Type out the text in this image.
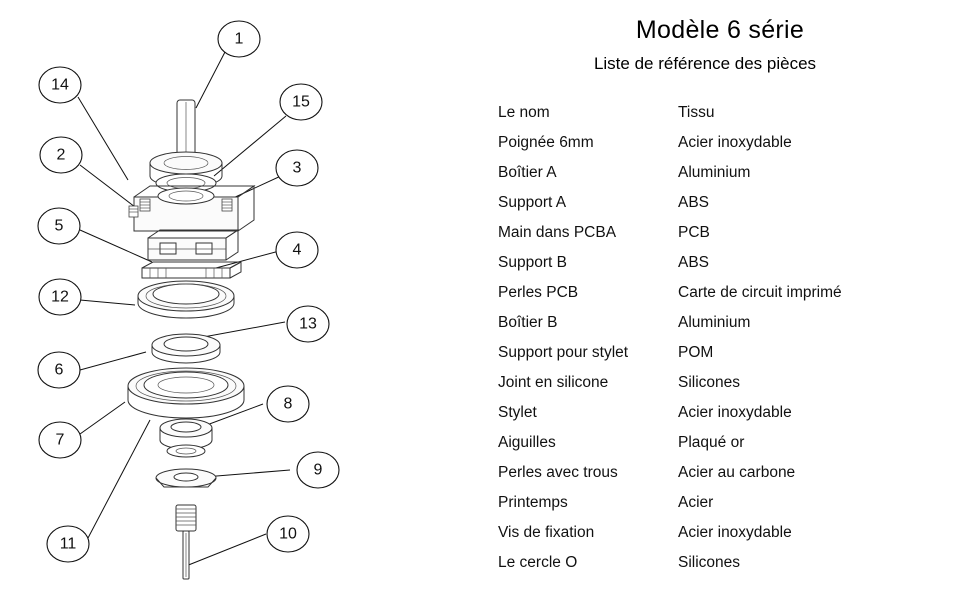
1
14
15
2
3
5
4
12
13
6
7
8
9
11
10
Modèle 6 série
Liste de référence des pièces
Le nom	Tissu
Poignée 6mm	Acier inoxydable
Boîtier A	Aluminium
Support A	ABS
Main dans PCBA	PCB
Support B	ABS
Perles PCB	Carte de circuit imprimé
Boîtier B	Aluminium
Support pour stylet	POM
Joint en silicone	Silicones
Stylet	Acier inoxydable
Aiguilles	Plaqué or
Perles avec trous	Acier au carbone
Printemps	Acier
Vis de fixation	Acier inoxydable
Le cercle O	Silicones
